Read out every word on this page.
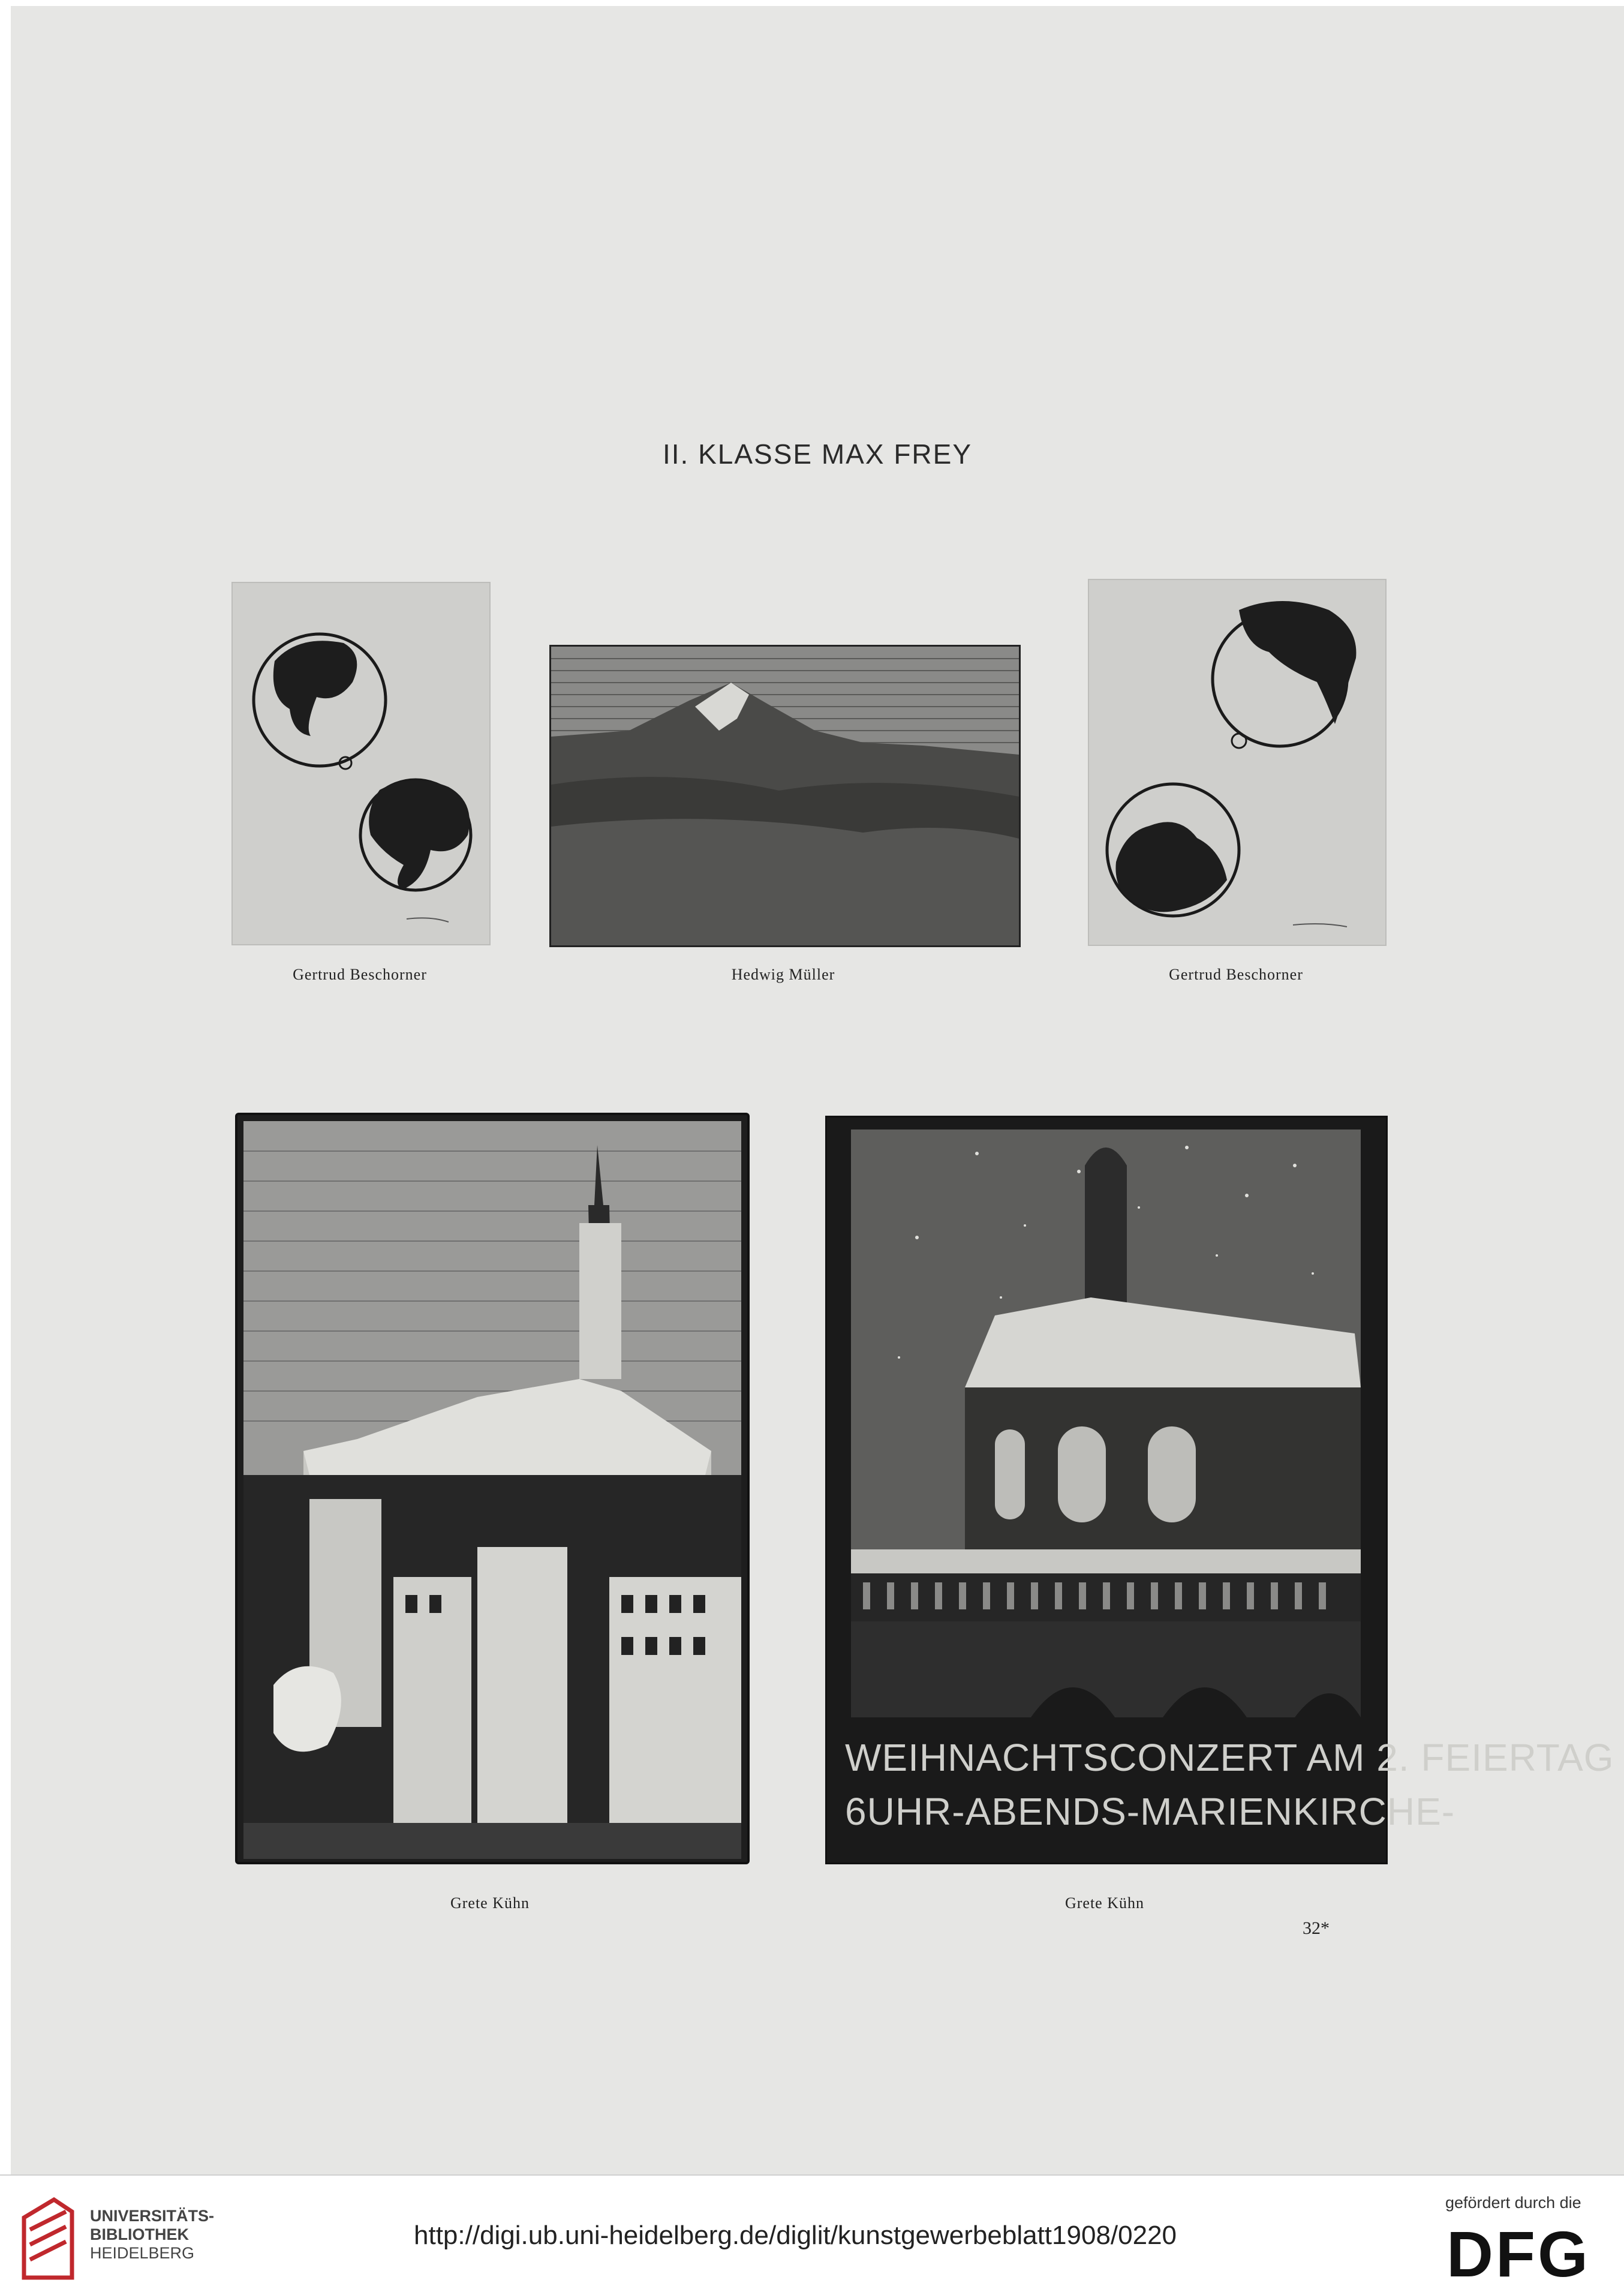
II. KLASSE MAX FREY
Gertrud Beschorner	Hedwig Müller	Gertrud Beschorner
Grete Kühn
WEIHNACHTSCONZERT AM 2. FEIERTAG
6UHR-ABENDS-MARIENKIRCHE-
Grete Kühn
32*
UNIVERSITÄTS-
BIBLIOTHEK
HEIDELBERG
http://digi.ub.uni-heidelberg.de/diglit/kunstgewerbeblatt1908/0220
gefördert durch die
DFG
